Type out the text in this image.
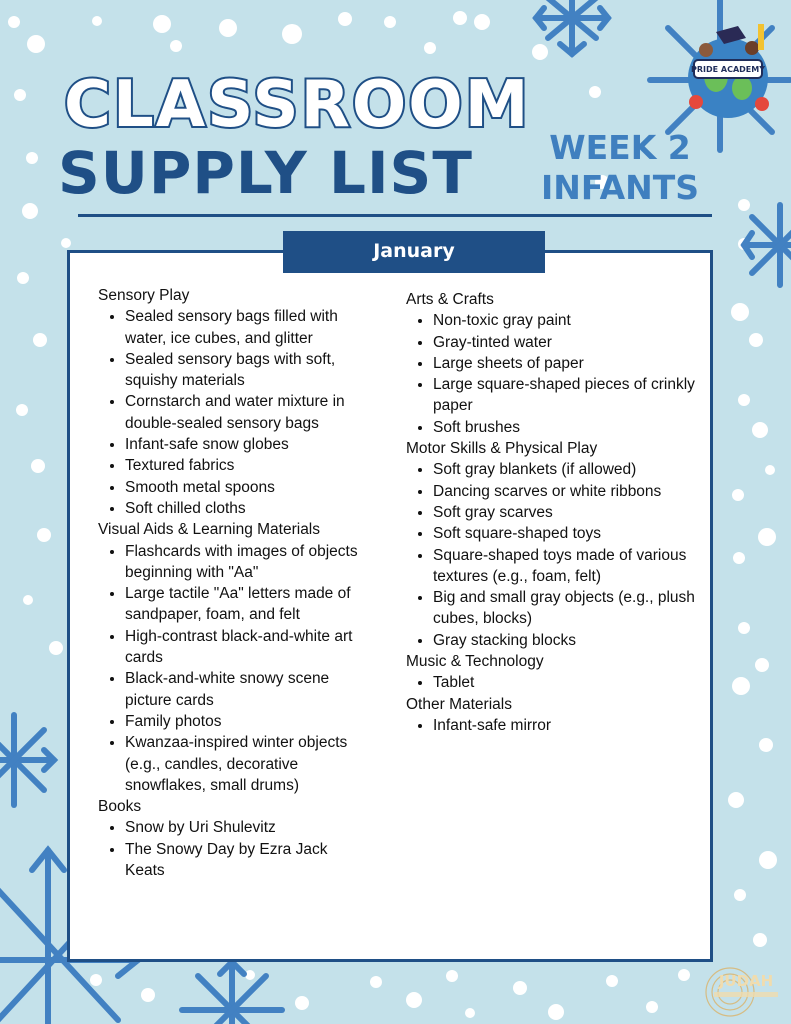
PRIDE ACADEMY
CLASSROOM
SUPPLY LIST	WEEK 2
INFANTS
January

Sensory Play

• Sealed sensory bags filled with water, ice cubes, and glitter
• Sealed sensory bags with soft, squishy materials
• Cornstarch and water mixture in double-sealed sensory bags
• Infant-safe snow globes
• Textured fabrics
• Smooth metal spoons
• Soft chilled cloths

Visual Aids & Learning Materials

• Flashcards with images of objects beginning with "Aa"
• Large tactile "Aa" letters made of sandpaper, foam, and felt
• High-contrast black-and-white art cards
• Black-and-white snowy scene picture cards
• Family photos
• Kwanzaa-inspired winter objects (e.g., candles, decorative snowflakes, small drums)

Books

• Snow by Uri Shulevitz
• The Snowy Day by Ezra Jack Keats

Arts & Crafts

• Non-toxic gray paint
• Gray-tinted water
• Large sheets of paper
• Large square-shaped pieces of crinkly paper
• Soft brushes

Motor Skills & Physical Play

• Soft gray blankets (if allowed)
• Dancing scarves or white ribbons
• Soft gray scarves
• Soft square-shaped toys
• Square-shaped toys made of various textures (e.g., foam, felt)
• Big and small gray objects (e.g., plush cubes, blocks)
• Gray stacking blocks

Music & Technology

• Tablet

Other Materials

• Infant-safe mirror
JUDAH
